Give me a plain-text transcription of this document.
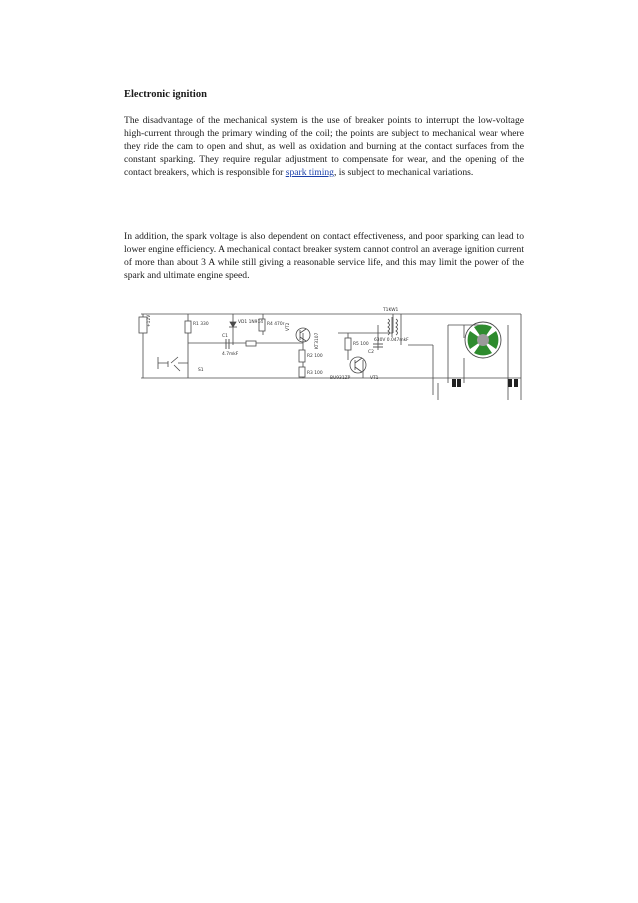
Electronic ignition

The disadvantage of the mechanical system is the use of breaker points to interrupt the low-voltage high-current through the primary winding of the coil; the points are subject to mechanical wear where they ride the cam to open and shut, as well as oxidation and burning at the contact surfaces from the constant sparking. They require regular adjustment to compensate for wear, and the opening of the contact breakers, which is responsible for spark timing, is subject to mechanical variations.

In addition, the spark voltage is also dependent on contact effectiveness, and poor sparking can lead to lower engine efficiency. A mechanical contact breaker system cannot control an average ignition current of more than about 3 A while still giving a reasonable service life, and this may limit the power of the spark and ultimate engine speed.

+12V	R1 330	VD1 1N914
C1
4.7mkF
R4 470r VT2
KT3107
S1
R2 100
R3 100
R5 100
630V 0.047mkF
C2
VT1
BU931ZP
T1KW1
